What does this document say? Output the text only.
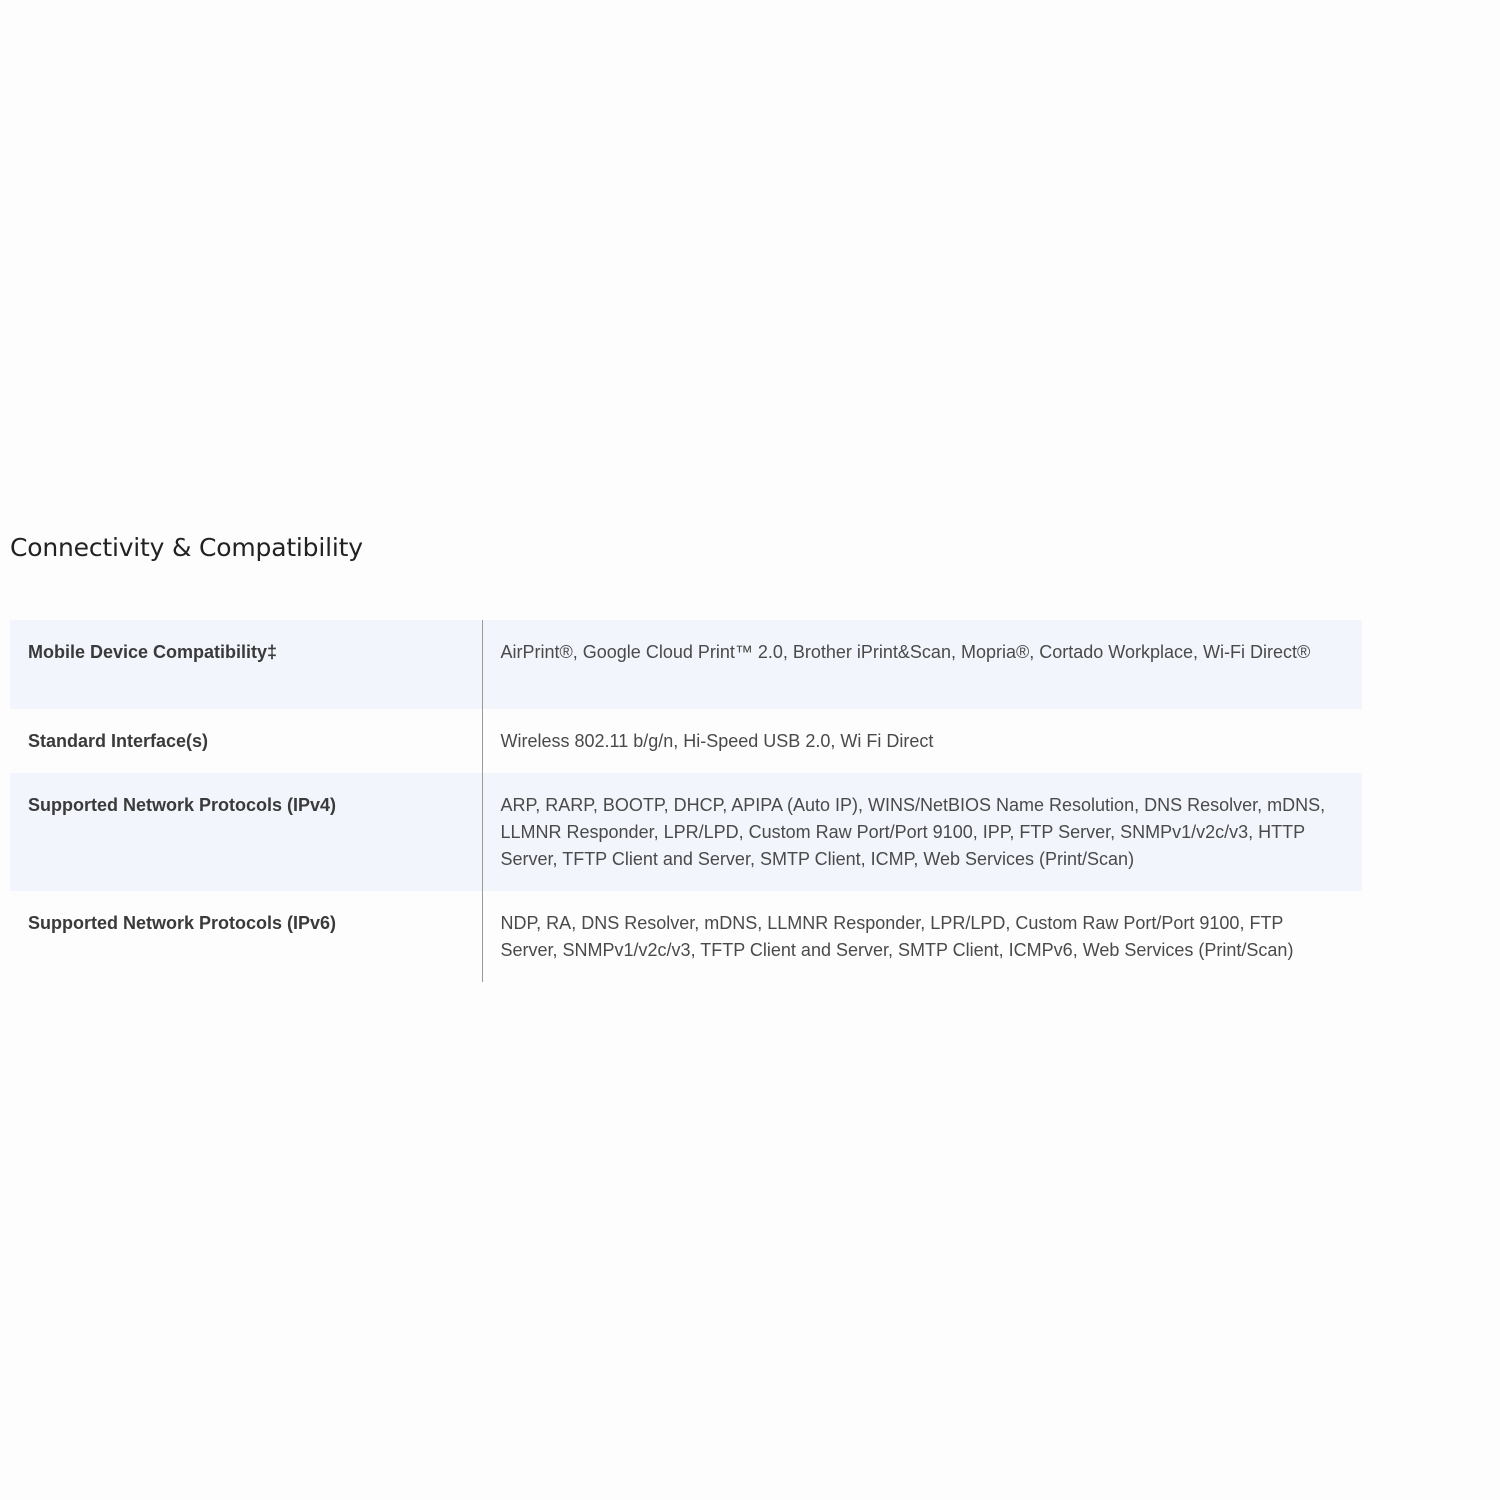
Connectivity & Compatibility
Mobile Device Compatibility‡	AirPrint®, Google Cloud Print™ 2.0, Brother iPrint&Scan, Mopria®, Cortado Workplace, Wi-Fi Direct®
Standard Interface(s)	Wireless 802.11 b/g/n, Hi-Speed USB 2.0, Wi Fi Direct
Supported Network Protocols (IPv4)	ARP, RARP, BOOTP, DHCP, APIPA (Auto IP), WINS/NetBIOS Name Resolution, DNS Resolver, mDNS, LLMNR Responder, LPR/LPD, Custom Raw Port/Port 9100, IPP, FTP Server, SNMPv1/v2c/v3, HTTP Server, TFTP Client and Server, SMTP Client, ICMP, Web Services (Print/Scan)
Supported Network Protocols (IPv6)	NDP, RA, DNS Resolver, mDNS, LLMNR Responder, LPR/LPD, Custom Raw Port/Port 9100, FTP Server, SNMPv1/v2c/v3, TFTP Client and Server, SMTP Client, ICMPv6, Web Services (Print/Scan)
